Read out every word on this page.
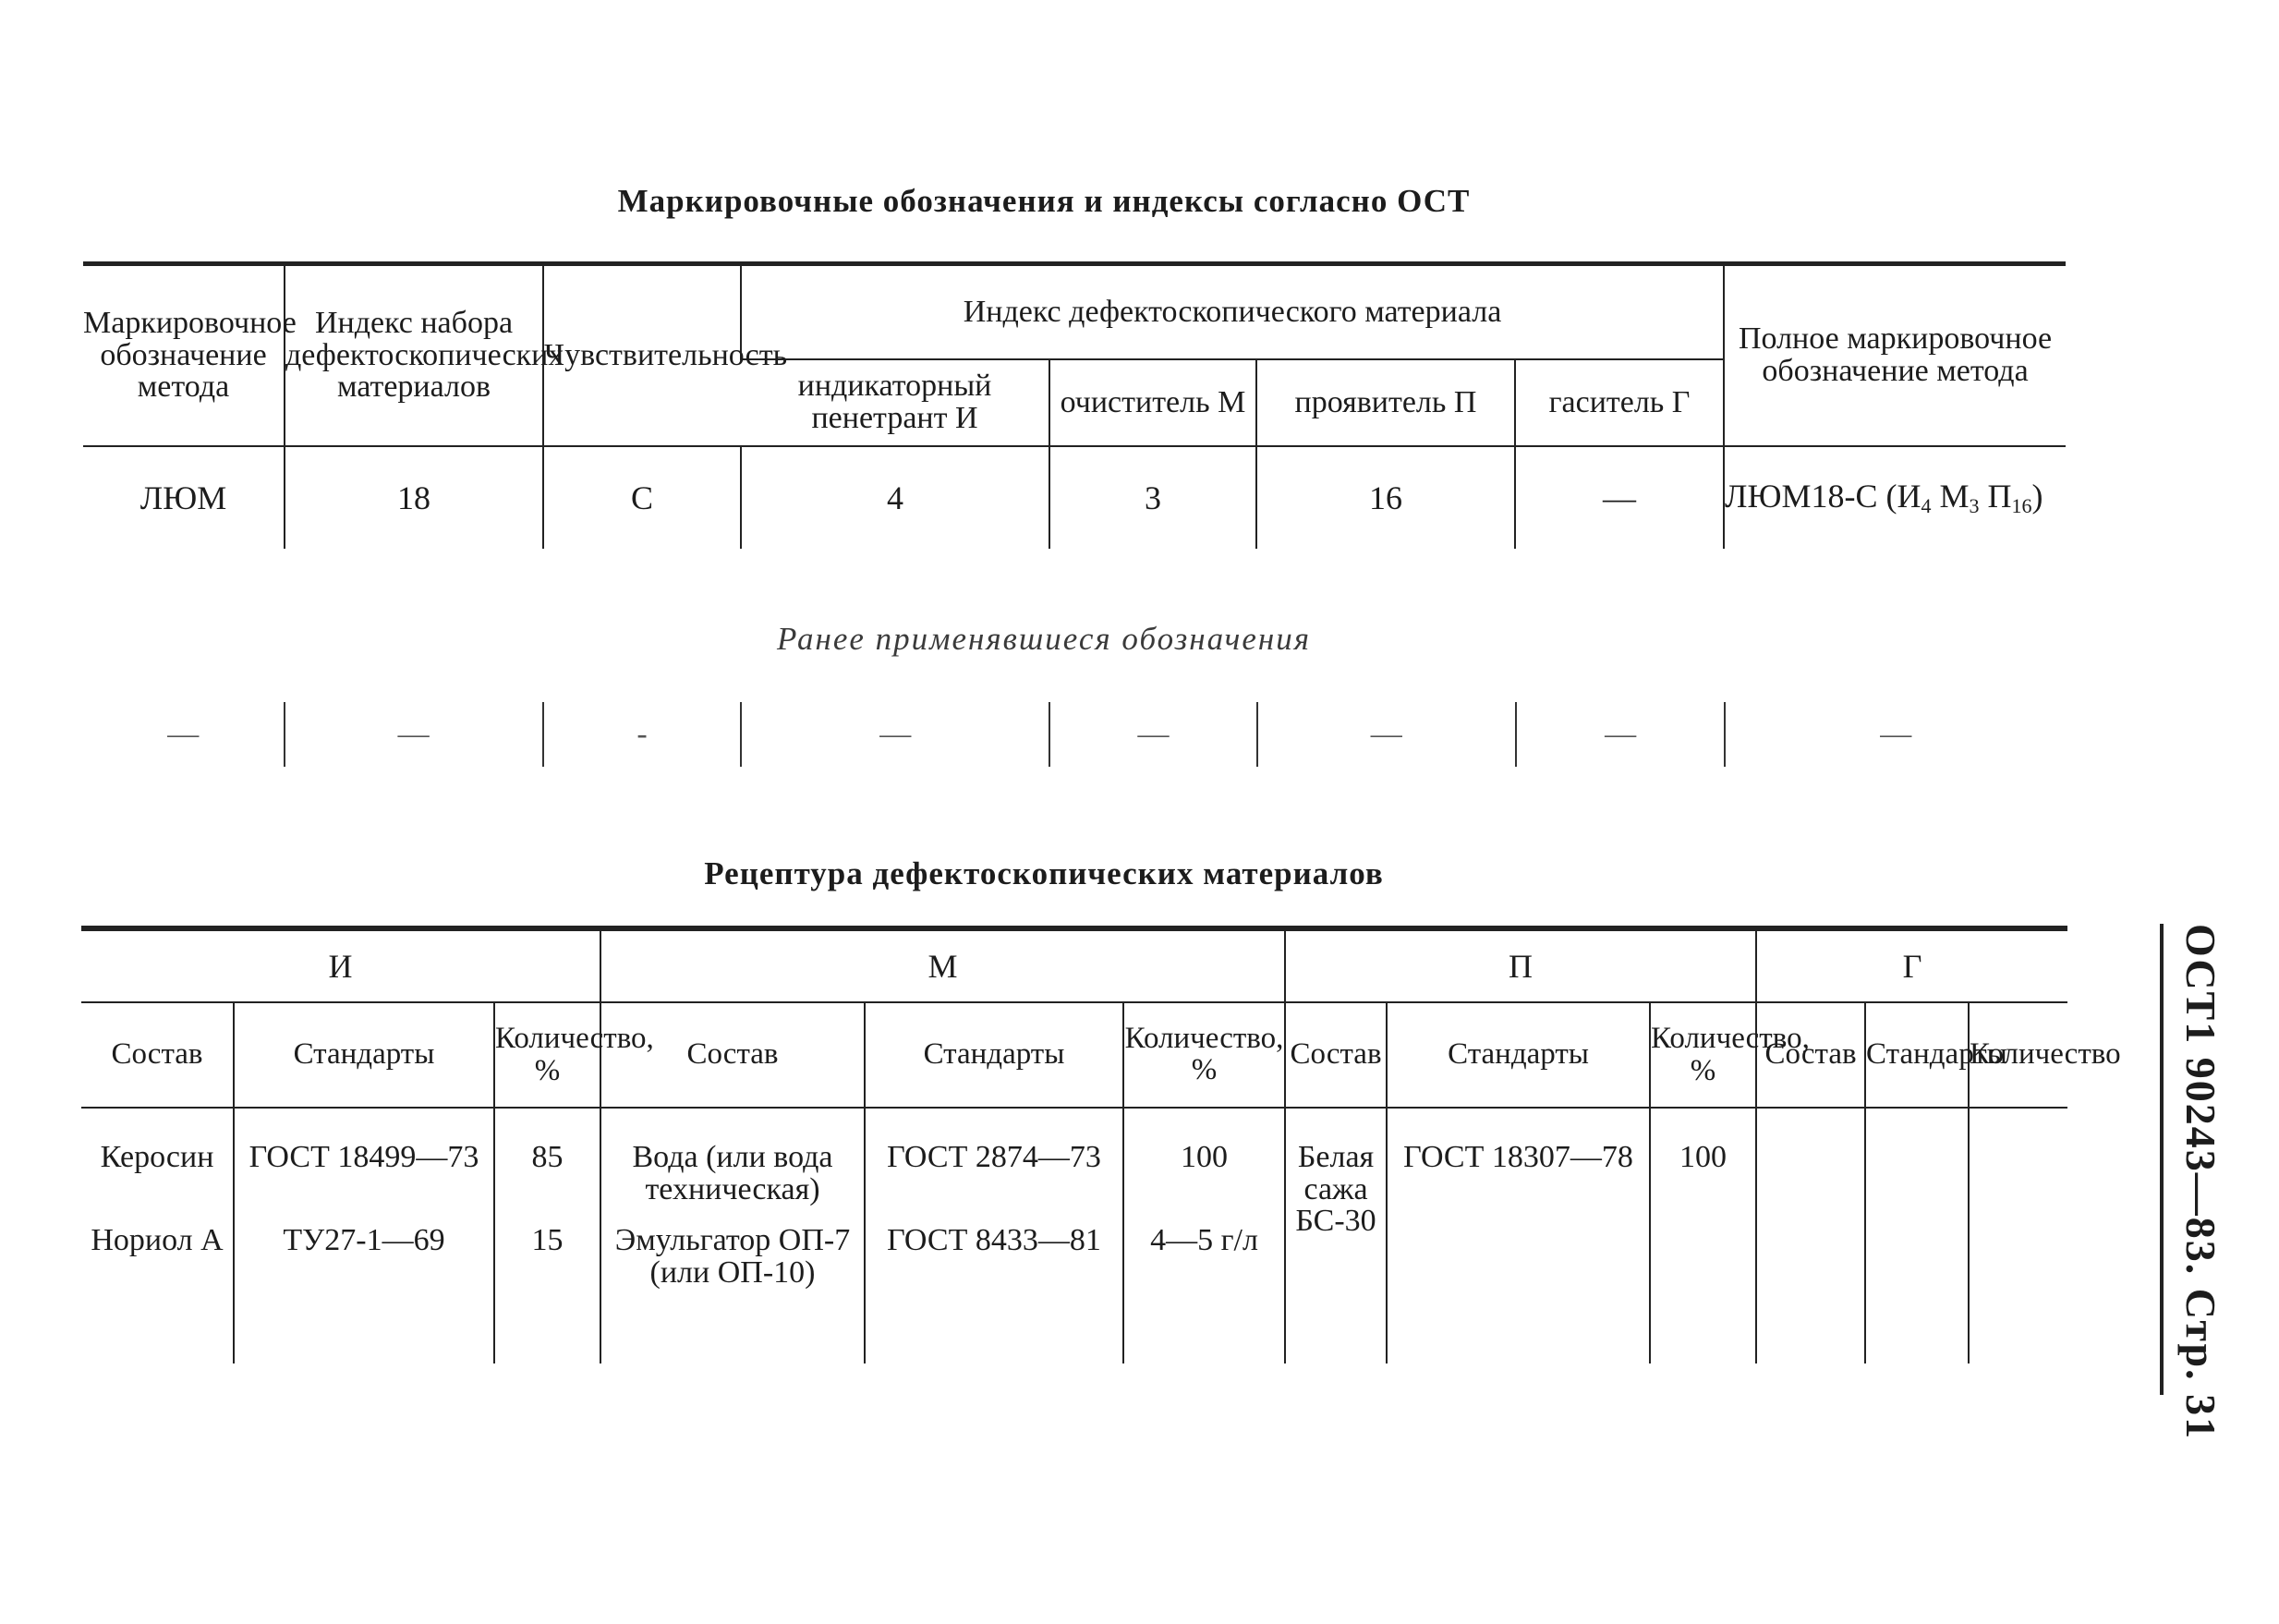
Маркировочные обозначения и индексы согласно ОСТ
Маркировочное обозначение метода	Индекс набора дефектоскопических материалов	Чувствительность	Индекс дефектоскопического материала				Полное маркировочное обозначение метода
			индикаторный пенетрант И	очиститель М	проявитель П	гаситель Г	
ЛЮМ	18	С	4	3	16	—	ЛЮМ18-С (И4 М3 П16)
Ранее применявшиеся обозначения
—	—	-	—	—	—	—	—
Рецептура дефектоскопических материалов
И			М			П			Г		
Состав	Стандарты	Количество, %	Состав	Стандарты	Количество, %	Состав	Стандарты	Количество, %	Состав	Стандарты	Количество
Керосин	ГОСТ 18499—73	85	Вода (или вода техническая)	ГОСТ 2874—73	100	Белая сажа БС-30	ГОСТ 18307—78	100			
Нориол А	ТУ27-1—69	15	Эмульгатор ОП-7 (или ОП-10)	ГОСТ 8433—81	4—5 г/л							ОСТ1 90243—83. Стр. 31
